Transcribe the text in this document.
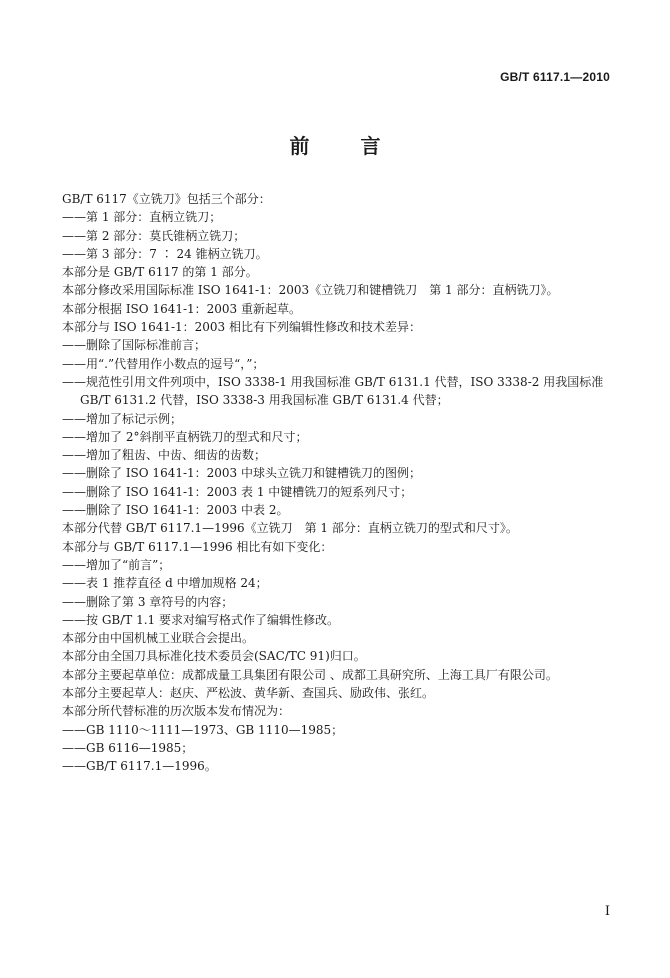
GB/T 6117.1—2010
前 言
GB/T 6117《立铣刀》包括三个部分：
——第 1 部分：直柄立铣刀；
——第 2 部分：莫氏锥柄立铣刀；
——第 3 部分：7 ∶ 24 锥柄立铣刀。
本部分是 GB/T 6117 的第 1 部分。
本部分修改采用国际标准 ISO 1641-1：2003《立铣刀和键槽铣刀　第 1 部分：直柄铣刀》。
本部分根据 ISO 1641-1：2003 重新起草。
本部分与 ISO 1641-1：2003 相比有下列编辑性修改和技术差异：
——删除了国际标准前言；
——用“.”代替用作小数点的逗号“，”；
——规范性引用文件列项中，ISO 3338-1 用我国标准 GB/T 6131.1 代替，ISO 3338-2 用我国标准
GB/T 6131.2 代替，ISO 3338-3 用我国标准 GB/T 6131.4 代替；
——增加了标记示例；
——增加了 2°斜削平直柄铣刀的型式和尺寸；
——增加了粗齿、中齿、细齿的齿数；
——删除了 ISO 1641-1：2003 中球头立铣刀和键槽铣刀的图例；
——删除了 ISO 1641-1：2003 表 1 中键槽铣刀的短系列尺寸；
——删除了 ISO 1641-1：2003 中表 2。
本部分代替 GB/T 6117.1—1996《立铣刀　第 1 部分：直柄立铣刀的型式和尺寸》。
本部分与 GB/T 6117.1—1996 相比有如下变化：
——增加了“前言”；
——表 1 推荐直径 d 中增加规格 24；
——删除了第 3 章符号的内容；
——按 GB/T 1.1 要求对编写格式作了编辑性修改。
本部分由中国机械工业联合会提出。
本部分由全国刀具标准化技术委员会(SAC/TC 91)归口。
本部分主要起草单位：成都成量工具集团有限公司 、成都工具研究所、上海工具厂有限公司。
本部分主要起草人：赵庆、严松波、黄华新、查国兵、励政伟、张红。
本部分所代替标准的历次版本发布情况为：
——GB 1110～1111—1973、GB 1110—1985；
——GB 6116—1985；
——GB/T 6117.1—1996。
I
